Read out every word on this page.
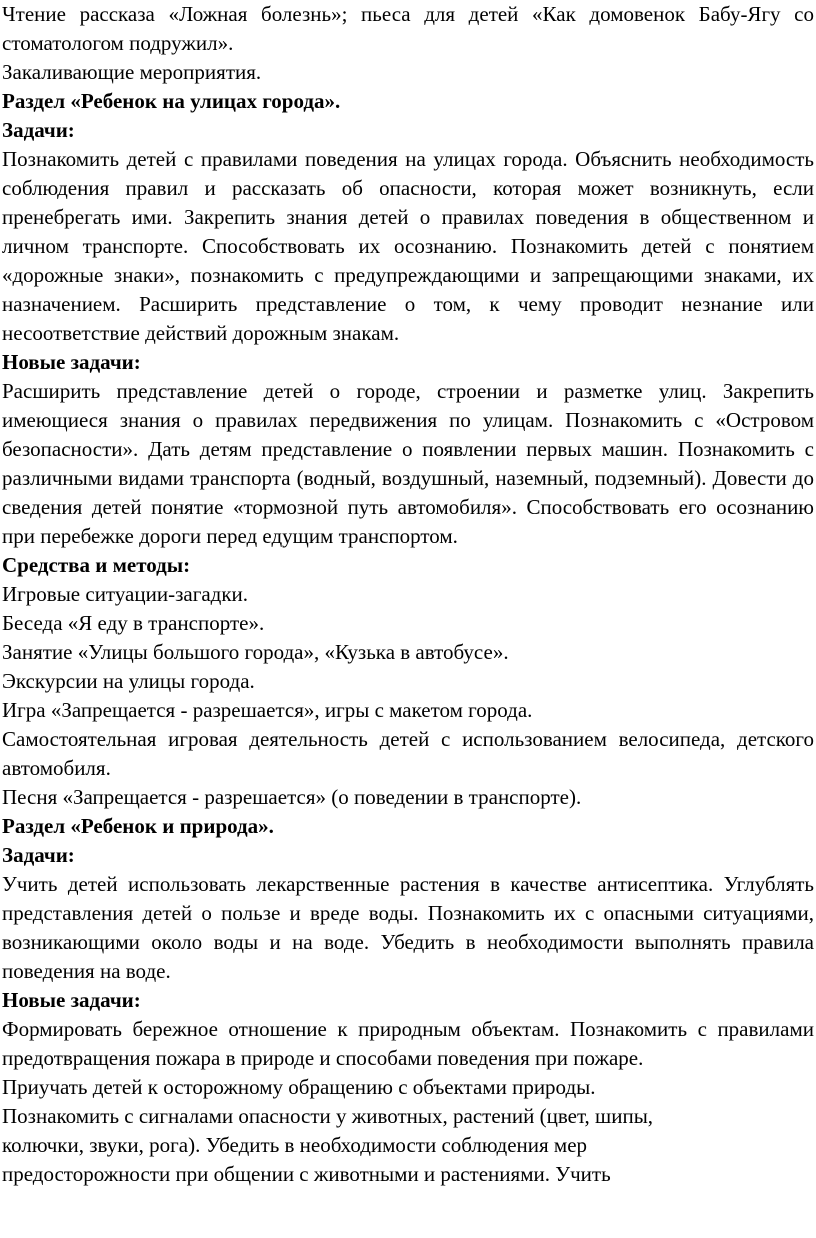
Чтение рассказа «Ложная болезнь»; пьеса для детей «Как домовенок Бабу-Ягу со стоматологом подружил».

Закаливающие мероприятия.

Раздел «Ребенок на улицах города».

Задачи:

Познакомить детей с правилами поведения на улицах города. Объяснить необходимость соблюдения правил и рассказать об опасности, которая может возникнуть, если пренебрегать ими. Закрепить знания детей о правилах поведения в общественном и личном транспорте. Способствовать их осознанию. Познакомить детей с понятием «дорожные знаки», познакомить с предупреждающими и запрещающими знаками, их назначением. Расширить представление о том, к чему проводит незнание или несоответствие действий дорожным знакам.

Новые задачи:

Расширить представление детей о городе, строении и разметке улиц. Закрепить имеющиеся знания о правилах передвижения по улицам. Познакомить с «Островом безопасности». Дать детям представление о появлении первых машин. Познакомить с различными видами транспорта (водный, воздушный, наземный, подземный). Довести до сведения детей понятие «тормозной путь автомобиля». Способствовать его осознанию при перебежке дороги перед едущим транспортом.

Средства и методы:

Игровые ситуации-загадки.

Беседа «Я еду в транспорте».

Занятие «Улицы большого города», «Кузька в автобусе».

Экскурсии на улицы города.

Игра «Запрещается - разрешается», игры с макетом города.

Самостоятельная игровая деятельность детей с использованием велосипеда, детского автомобиля.

Песня «Запрещается - разрешается» (о поведении в транспорте).

Раздел «Ребенок и природа».

Задачи:

Учить детей использовать лекарственные растения в качестве антисептика. Углублять представления детей о пользе и вреде воды. Познакомить их с опасными ситуациями, возникающими около воды и на воде. Убедить в необходимости выполнять правила поведения на воде.

Новые задачи:

Формировать бережное отношение к природным объектам. Познакомить с правилами предотвращения пожара в природе и способами поведения при пожаре.

Приучать детей к осторожному обращению с объектами природы.

Познакомить с сигналами опасности у животных, растений (цвет, шипы,

колючки, звуки, рога). Убедить в необходимости соблюдения мер

предосторожности при общении с животными и растениями. Учить
